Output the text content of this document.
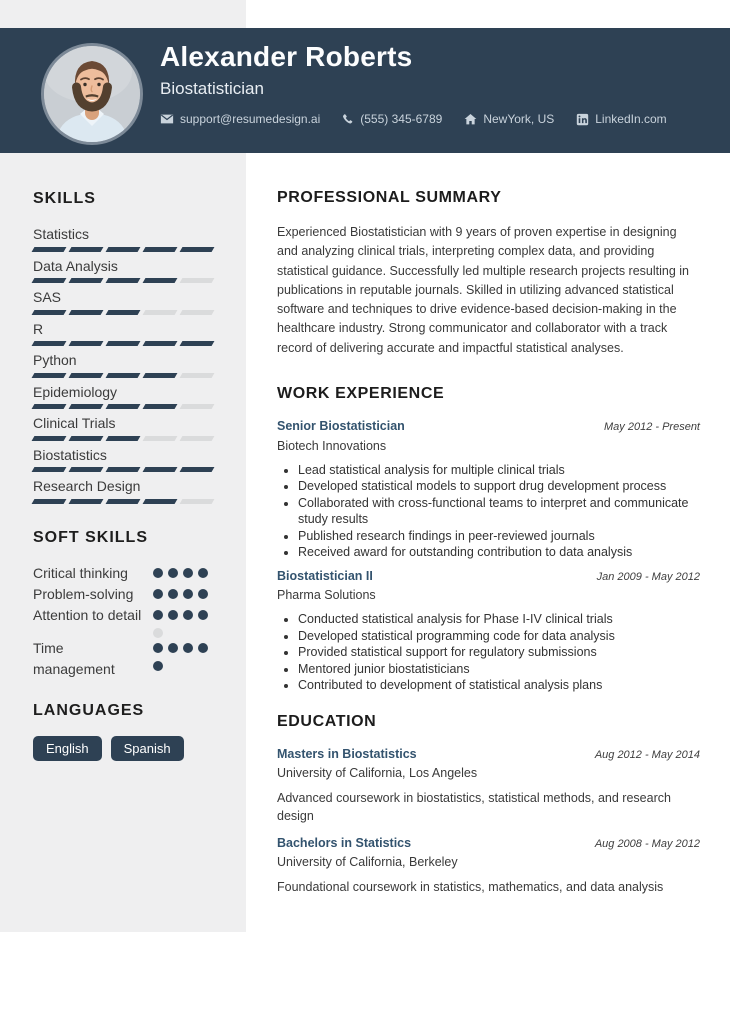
Alexander Roberts
Biostatistician
support@resumedesign.ai	(555) 345-6789	NewYork, US	LinkedIn.com
SKILLS
Statistics
Data Analysis
SAS
R
Python
Epidemiology
Clinical Trials
Biostatistics
Research Design
SOFT SKILLS
Critical thinking
Problem-solving
Attention to detail
Time management
LANGUAGES
English	Spanish
PROFESSIONAL SUMMARY

Experienced Biostatistician with 9 years of proven expertise in designing and analyzing clinical trials, interpreting complex data, and providing statistical guidance. Successfully led multiple research projects resulting in publications in reputable journals. Skilled in utilizing advanced statistical software and techniques to drive evidence-based decision-making in the healthcare industry. Strong communicator and collaborator with a track record of delivering accurate and impactful statistical analyses.

WORK EXPERIENCE
Senior Biostatistician	May 2012 - Present
Biotech Innovations
• Lead statistical analysis for multiple clinical trials
• Developed statistical models to support drug development process
• Collaborated with cross-functional teams to interpret and communicate study results
• Published research findings in peer-reviewed journals
• Received award for outstanding contribution to data analysis
Biostatistician II	Jan 2009 - May 2012
Pharma Solutions
• Conducted statistical analysis for Phase I-IV clinical trials
• Developed statistical programming code for data analysis
• Provided statistical support for regulatory submissions
• Mentored junior biostatisticians
• Contributed to development of statistical analysis plans
EDUCATION
Masters in Biostatistics	Aug 2012 - May 2014
University of California, Los Angeles
Advanced coursework in biostatistics, statistical methods, and research design
Bachelors in Statistics	Aug 2008 - May 2012
University of California, Berkeley
Foundational coursework in statistics, mathematics, and data analysis
